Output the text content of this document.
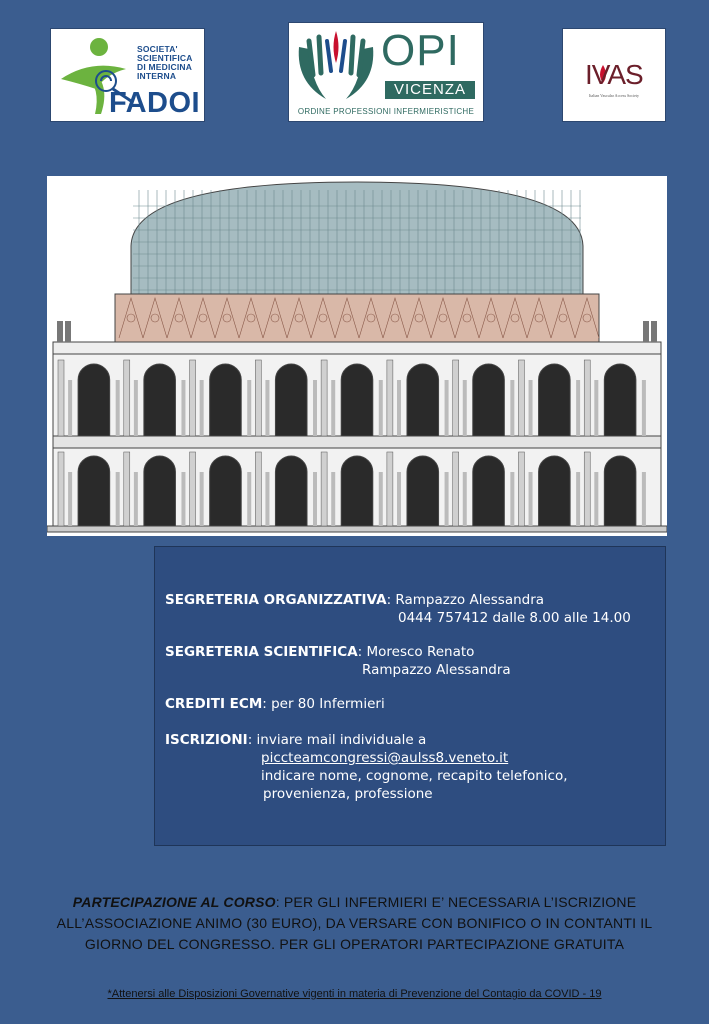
SOCIETA'
SCIENTIFICA
DI MEDICINA
INTERNA
FADOI
OPI
VICENZA
ORDINE PROFESSIONI INFERMIERISTICHE
IVAS
Italian Vascular Access Society
SEGRETERIA ORGANIZZATIVA: Rampazzo Alessandra
0444 757412 dalle 8.00 alle 14.00
SEGRETERIA SCIENTIFICA: Moresco Renato
Rampazzo Alessandra
CREDITI ECM: per 80 Infermieri
ISCRIZIONI: inviare mail individuale a
piccteamcongressi@aulss8.veneto.it
indicare nome, cognome, recapito telefonico,
provenienza, professione
PARTECIPAZIONE AL CORSO: PER GLI INFERMIERI E’ NECESSARIA L’ISCRIZIONE
ALL’ASSOCIAZIONE ANIMO (30 EURO), DA VERSARE CON BONIFICO O IN CONTANTI IL
GIORNO DEL CONGRESSO. PER GLI OPERATORI PARTECIPAZIONE GRATUITA
*Attenersi alle Disposizioni Governative vigenti in materia di Prevenzione del Contagio da COVID - 19
